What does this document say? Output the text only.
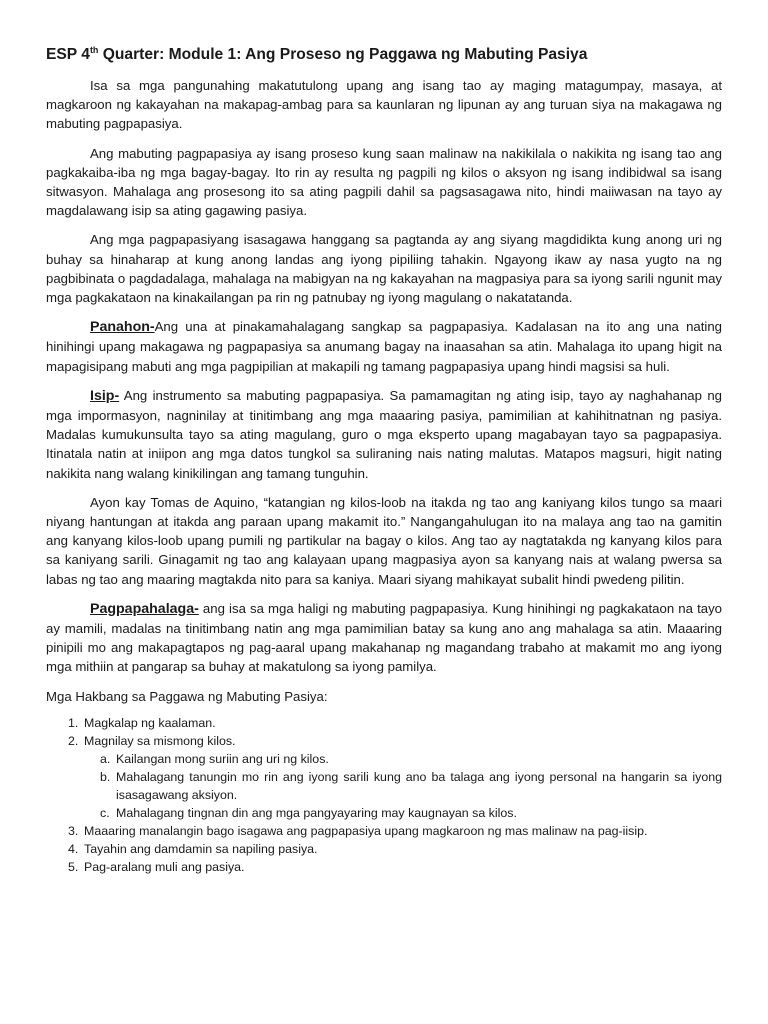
ESP 4th Quarter: Module 1: Ang Proseso ng Paggawa ng Mabuting Pasiya

Isa sa mga pangunahing makatutulong upang ang isang tao ay maging matagumpay, masaya, at magkaroon ng kakayahan na makapag-ambag para sa kaunlaran ng lipunan ay ang turuan siya na makagawa ng mabuting pagpapasiya.

Ang mabuting pagpapasiya ay isang proseso kung saan malinaw na nakikilala o nakikita ng isang tao ang pagkakaiba-iba ng mga bagay-bagay. Ito rin ay resulta ng pagpili ng kilos o aksyon ng isang indibidwal sa isang sitwasyon. Mahalaga ang prosesong ito sa ating pagpili dahil sa pagsasagawa nito, hindi maiiwasan na tayo ay magdalawang isip sa ating gagawing pasiya.

Ang mga pagpapasiyang isasagawa hanggang sa pagtanda ay ang siyang magdidikta kung anong uri ng buhay sa hinaharap at kung anong landas ang iyong pipiliing tahakin. Ngayong ikaw ay nasa yugto na ng pagbibinata o pagdadalaga, mahalaga na mabigyan na ng kakayahan na magpasiya para sa iyong sarili ngunit may mga pagkakataon na kinakailangan pa rin ng patnubay ng iyong magulang o nakatatanda.

Panahon-Ang una at pinakamahalagang sangkap sa pagpapasiya. Kadalasan na ito ang una nating hinihingi upang makagawa ng pagpapasiya sa anumang bagay na inaasahan sa atin. Mahalaga ito upang higit na mapagisipang mabuti ang mga pagpipilian at makapili ng tamang pagpapasiya upang hindi magsisi sa huli.

Isip- Ang instrumento sa mabuting pagpapasiya. Sa pamamagitan ng ating isip, tayo ay naghahanap ng mga impormasyon, nagninilay at tinitimbang ang mga maaaring pasiya, pamimilian at kahihitnatnan ng pasiya. Madalas kumukunsulta tayo sa ating magulang, guro o mga eksperto upang magabayan tayo sa pagpapasiya. Itinatala natin at iniipon ang mga datos tungkol sa suliraning nais nating malutas. Matapos magsuri, higit nating nakikita nang walang kinikilingan ang tamang tunguhin.

Ayon kay Tomas de Aquino, “katangian ng kilos-loob na itakda ng tao ang kaniyang kilos tungo sa maari niyang hantungan at itakda ang paraan upang makamit ito.” Nangangahulugan ito na malaya ang tao na gamitin ang kanyang kilos-loob upang pumili ng partikular na bagay o kilos. Ang tao ay nagtatakda ng kanyang kilos para sa kaniyang sarili. Ginagamit ng tao ang kalayaan upang magpasiya ayon sa kanyang nais at walang pwersa sa labas ng tao ang maaring magtakda nito para sa kaniya. Maari siyang mahikayat subalit hindi pwedeng pilitin.

Pagpapahalaga- ang isa sa mga haligi ng mabuting pagpapasiya. Kung hinihingi ng pagkakataon na tayo ay mamili, madalas na tinitimbang natin ang mga pamimilian batay sa kung ano ang mahalaga sa atin. Maaaring pinipili mo ang makapagtapos ng pag-aaral upang makahanap ng magandang trabaho at makamit mo ang iyong mga mithiin at pangarap sa buhay at makatulong sa iyong pamilya.

Mga Hakbang sa Paggawa ng Mabuting Pasiya:
1. Magkalap ng kaalaman.
2. Magnilay sa mismong kilos.
a. Kailangan mong suriin ang uri ng kilos.
b. Mahalagang tanungin mo rin ang iyong sarili kung ano ba talaga ang iyong personal na hangarin sa iyong isasagawang aksiyon.
c. Mahalagang tingnan din ang mga pangyayaring may kaugnayan sa kilos.
3. Maaaring manalangin bago isagawa ang pagpapasiya upang magkaroon ng mas malinaw na pag-iisip.
4. Tayahin ang damdamin sa napiling pasiya.
5. Pag-aralang muli ang pasiya.
